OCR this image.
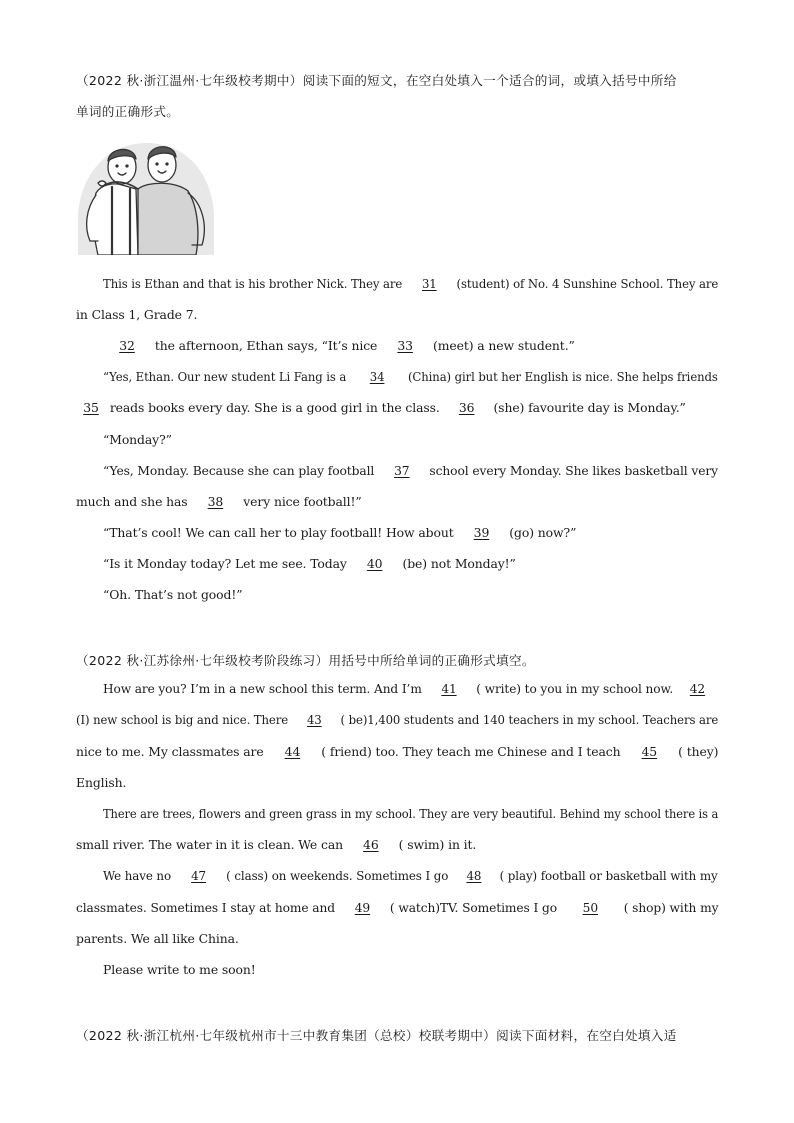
（2022 秋·浙江温州·七年级校考期中）阅读下面的短文，在空白处填入一个适合的词，或填入括号中所给
单词的正确形式。
This is Ethan and that is his brother Nick. They are 31 (student) of No. 4 Sunshine School. They are
in Class 1, Grade 7.
32 the afternoon, Ethan says, “It’s nice 33 (meet) a new student.”
“Yes, Ethan. Our new student Li Fang is a 34 (China) girl but her English is nice. She helps friends
35 reads books every day. She is a good girl in the class. 36 (she) favourite day is Monday.”
“Monday?”
“Yes, Monday. Because she can play football 37 school every Monday. She likes basketball very
much and she has 38 very nice football!”
“That’s cool! We can call her to play football! How about 39 (go) now?”
“Is it Monday today? Let me see. Today 40 (be) not Monday!”
“Oh. That’s not good!”
（2022 秋·江苏徐州·七年级校考阶段练习）用括号中所给单词的正确形式填空。
How are you? I’m in a new school this term. And I’m 41 ( write) to you in my school now. 42
(I) new school is big and nice. There 43 ( be)1,400 students and 140 teachers in my school. Teachers are
nice to me. My classmates are 44 ( friend) too. They teach me Chinese and I teach 45 ( they)
English.
There are trees, flowers and green grass in my school. They are very beautiful. Behind my school there is a
small river. The water in it is clean. We can 46 ( swim) in it.
We have no 47 ( class) on weekends. Sometimes I go 48 ( play) football or basketball with my
classmates. Sometimes I stay at home and 49 ( watch)TV. Sometimes I go 50 ( shop) with my
parents. We all like China.
Please write to me soon!
（2022 秋·浙江杭州·七年级杭州市十三中教育集团（总校）校联考期中）阅读下面材料，在空白处填入适
